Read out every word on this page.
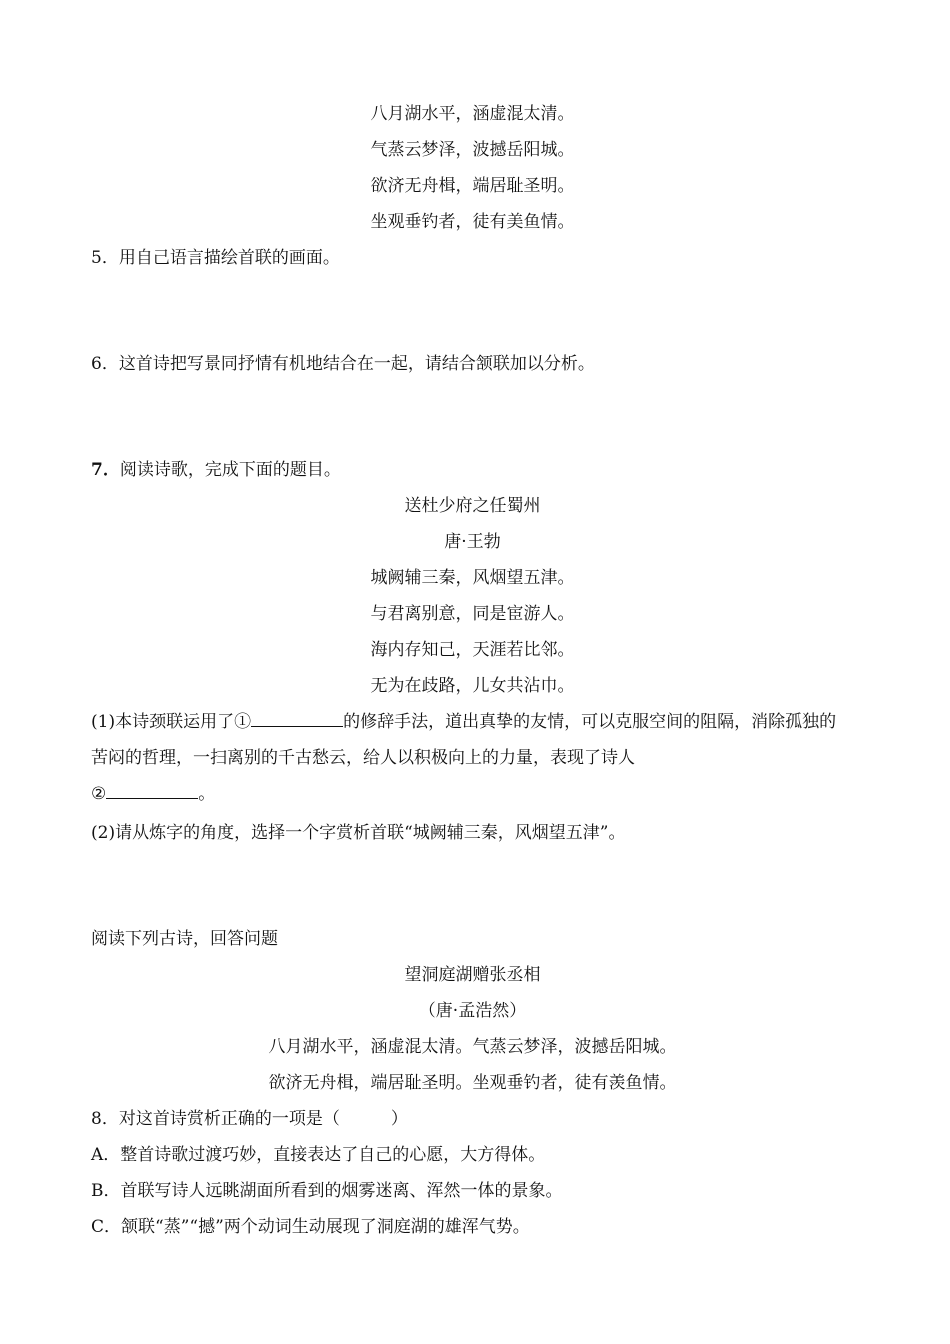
八月湖水平，涵虚混太清。
气蒸云梦泽，波撼岳阳城。
欲济无舟楫，端居耻圣明。
坐观垂钓者，徒有美鱼情。
5．用自己语言描绘首联的画面。
6．这首诗把写景同抒情有机地结合在一起，请结合颔联加以分析。
7．阅读诗歌，完成下面的题目。
送杜少府之任蜀州
唐·王勃
城阙辅三秦，风烟望五津。
与君离别意，同是宦游人。
海内存知己，天涯若比邻。
无为在歧路，儿女共沾巾。
(1)本诗颈联运用了①	的修辞手法，道出真挚的友情，可以克服空间的阻隔，消除孤独的苦闷的哲理，一扫离别的千古愁云，给人以积极向上的力量，表现了诗人
②	。
(2)请从炼字的角度，选择一个字赏析首联“城阙辅三秦，风烟望五津”。
阅读下列古诗，回答问题
望洞庭湖赠张丞相
（唐·孟浩然）
八月湖水平，涵虚混太清。气蒸云梦泽，波撼岳阳城。
欲济无舟楫，端居耻圣明。坐观垂钓者，徒有羡鱼情。
8．对这首诗赏析正确的一项是（　　　）
A．整首诗歌过渡巧妙，直接表达了自己的心愿，大方得体。
B．首联写诗人远眺湖面所看到的烟雾迷离、浑然一体的景象。
C．颔联“蒸”“撼”两个动词生动展现了洞庭湖的雄浑气势。
